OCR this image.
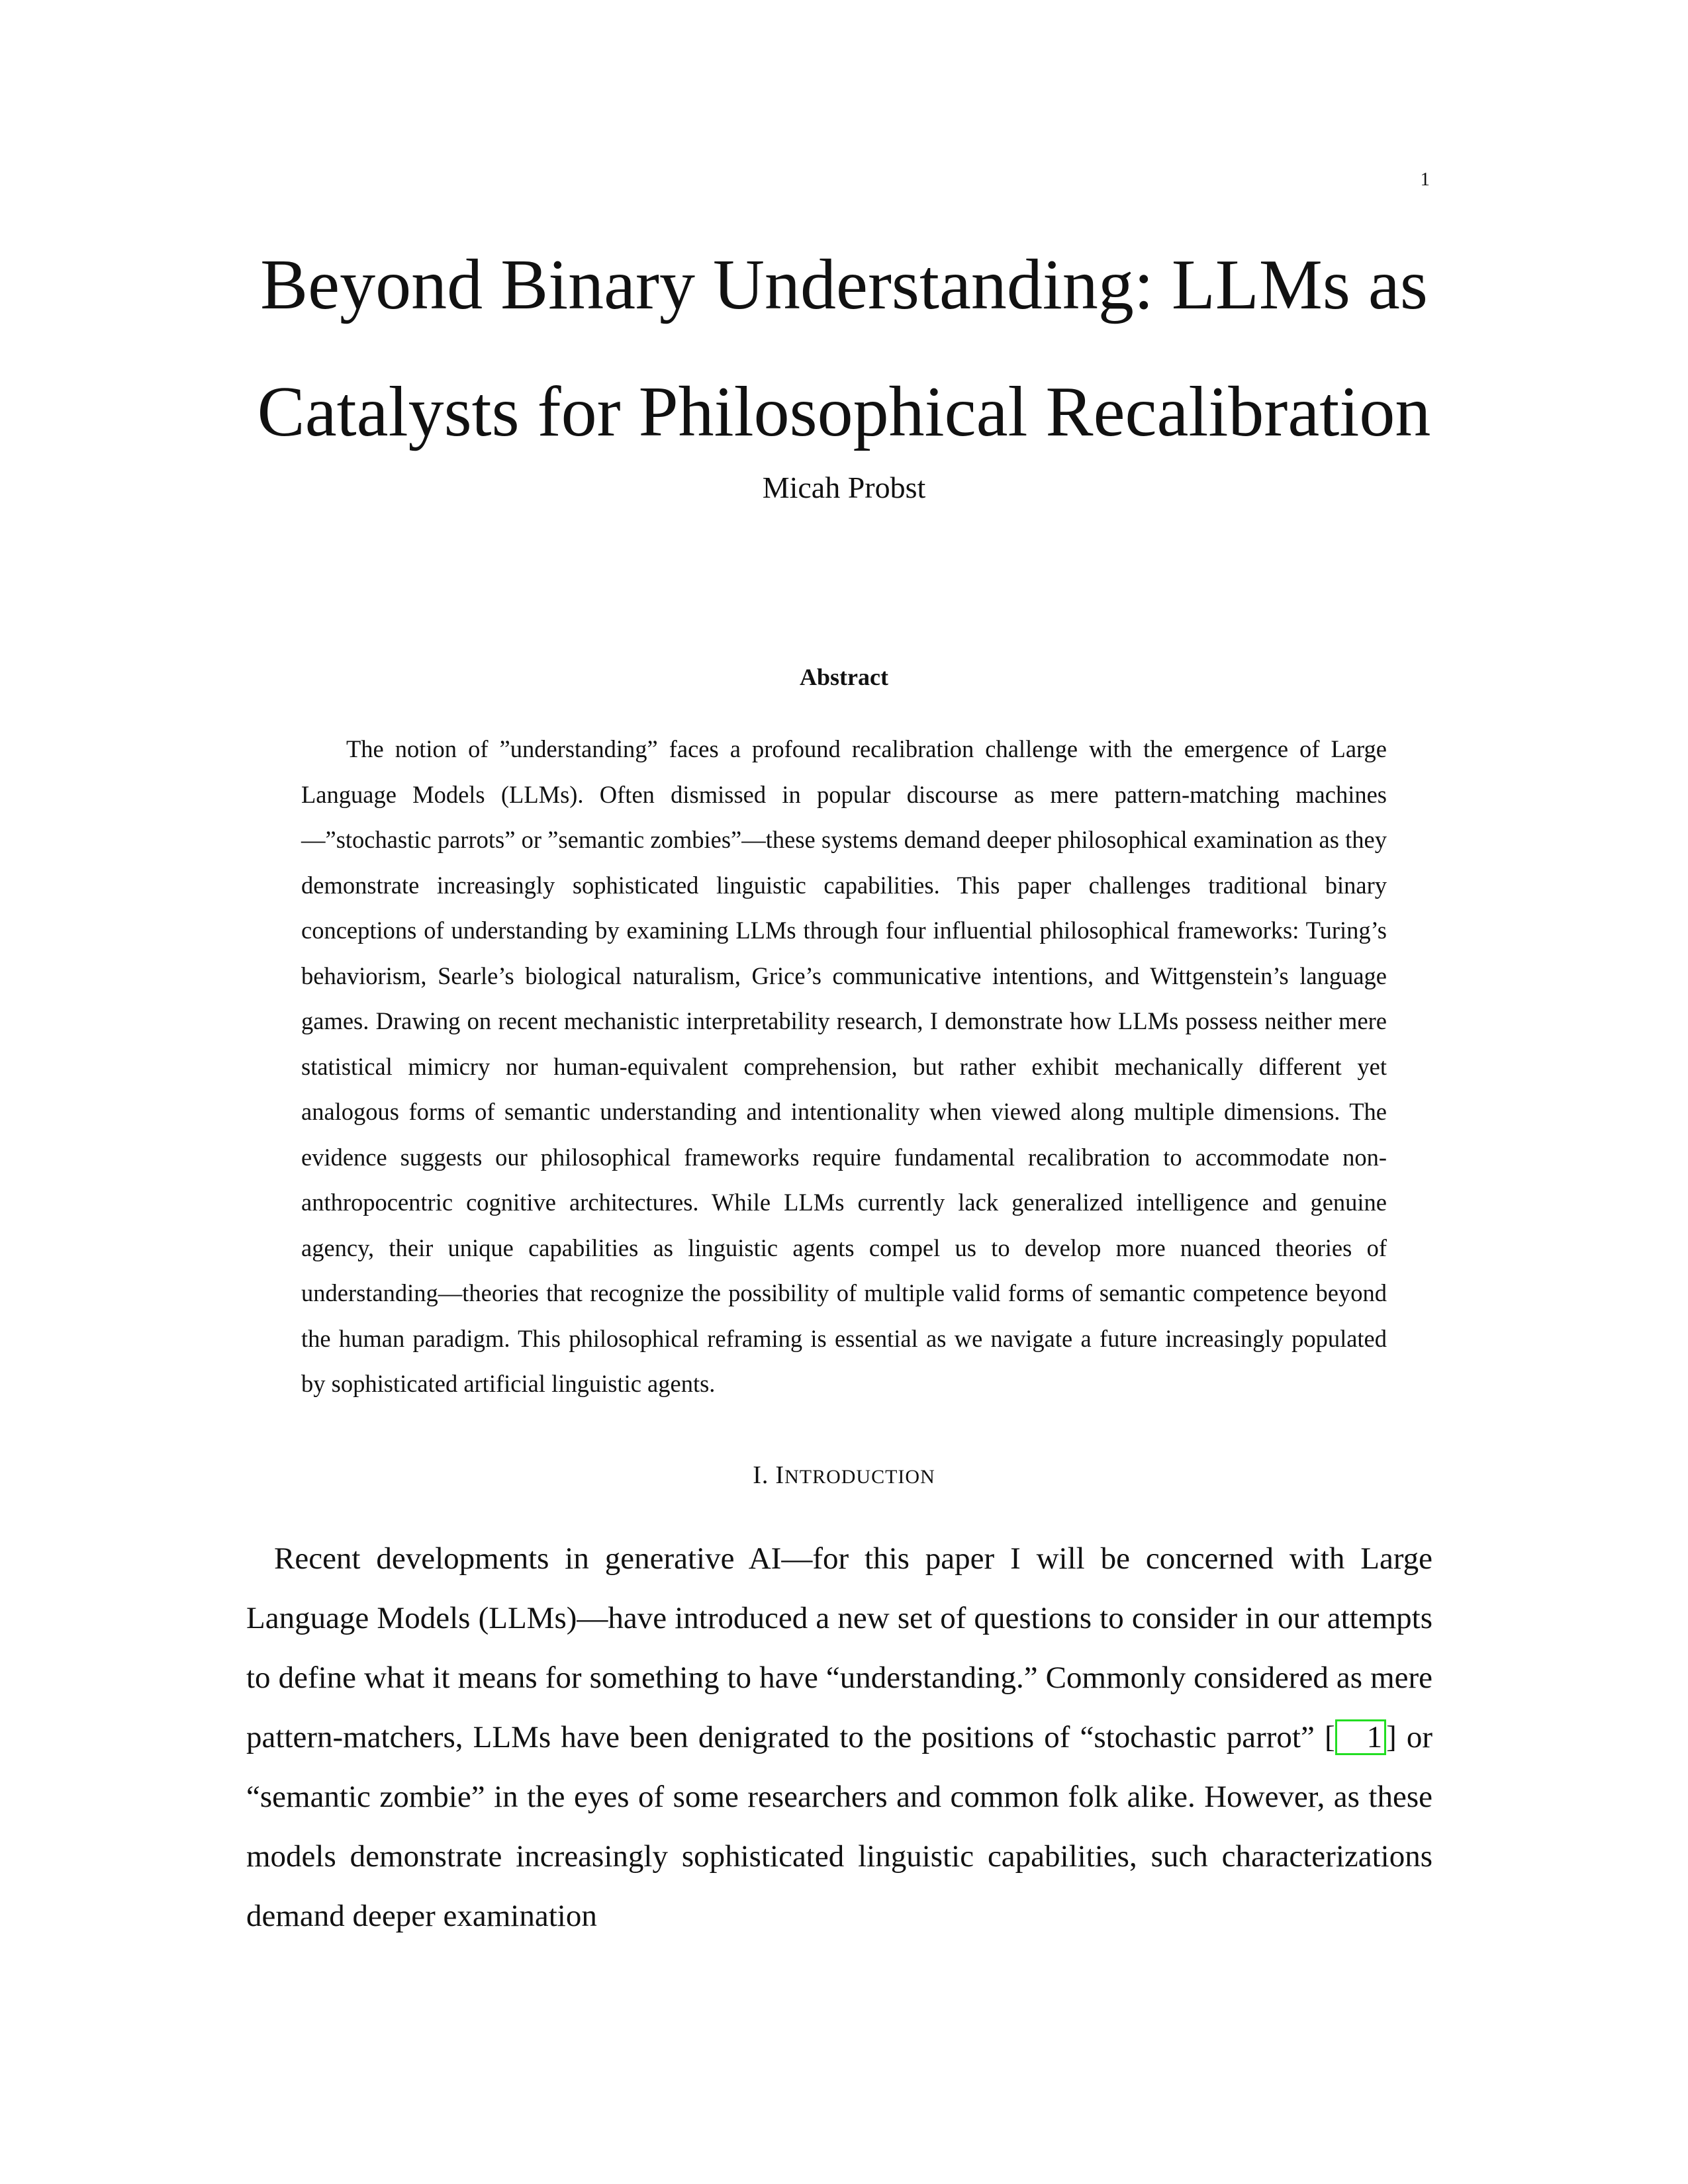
1
Beyond Binary Understanding: LLMs as
Catalysts for Philosophical Recalibration
Micah Probst
Abstract

The notion of ”understanding” faces a profound recalibration challenge with the emergence of Large Language Models (LLMs). Often dismissed in popular discourse as mere pattern-matching machines—”stochastic parrots” or ”semantic zombies”—these systems demand deeper philosophical examination as they demonstrate increasingly sophisticated linguistic capabilities. This paper challenges traditional binary conceptions of understanding by examining LLMs through four influential philosophical frameworks: Turing’s behaviorism, Searle’s biological naturalism, Grice’s communicative intentions, and Wittgenstein’s language games. Drawing on recent mechanistic interpretability research, I demonstrate how LLMs possess neither mere statistical mimicry nor human-equivalent comprehension, but rather exhibit mechanically different yet analogous forms of semantic understanding and intentionality when viewed along multiple dimensions. The evidence suggests our philosophical frameworks require fundamental recalibration to accommodate non-anthropocentric cognitive architectures. While LLMs currently lack generalized intelligence and genuine agency, their unique capabilities as linguistic agents compel us to develop more nuanced theories of understanding—theories that recognize the possibility of multiple valid forms of semantic competence beyond the human paradigm. This philosophical reframing is essential as we navigate a future increasingly populated by sophisticated artificial linguistic agents.

I. INTRODUCTION

Recent developments in generative AI—for this paper I will be concerned with Large Language Models (LLMs)—have introduced a new set of questions to consider in our attempts to define what it means for something to have “understanding.” Commonly considered as mere pattern-matchers, LLMs have been denigrated to the positions of “stochastic parrot” [ 1 ] or “semantic zombie” in the eyes of some researchers and common folk alike. However, as these models demonstrate increasingly sophisticated linguistic capabilities, such characterizations demand deeper examination
